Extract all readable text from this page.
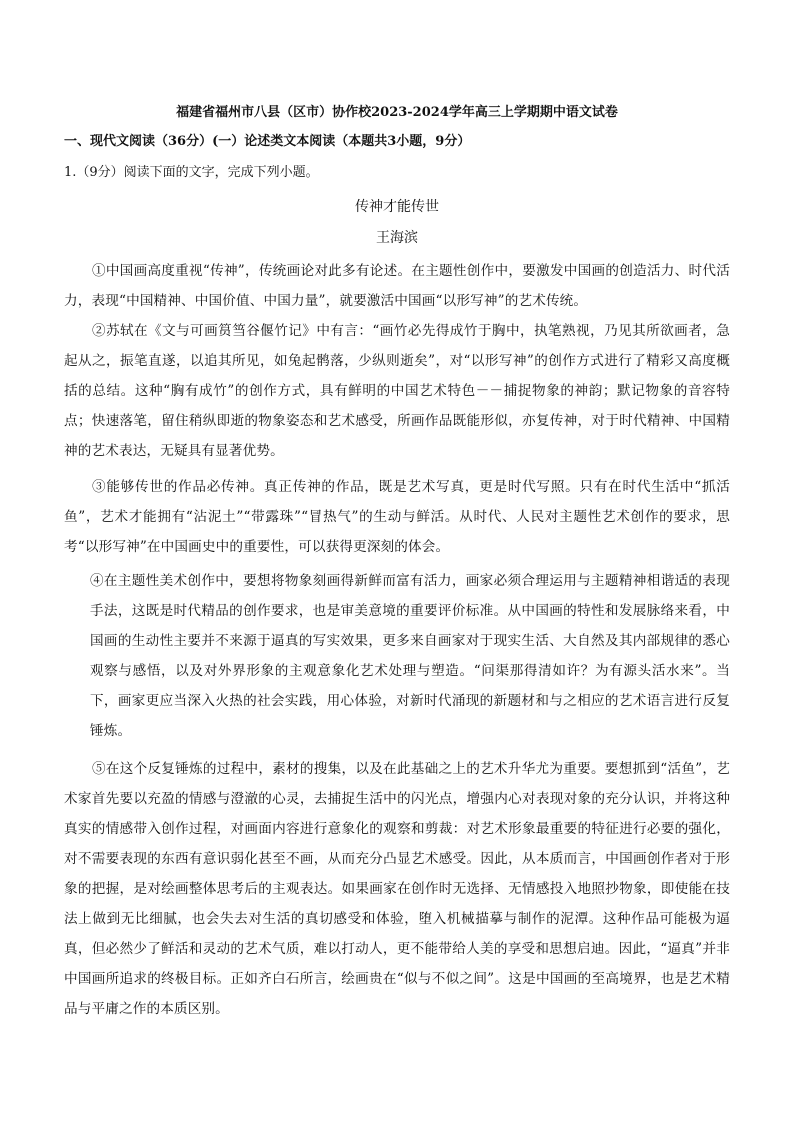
福建省福州市八县（区市）协作校2023-2024学年高三上学期期中语文试卷
一、现代文阅读（36分）(一）论述类文本阅读（本题共3小题，9分）
1.（9分）阅读下面的文字，完成下列小题。
传神才能传世
王海滨

①中国画高度重视“传神”，传统画论对此多有论述。在主题性创作中，要激发中国画的创造活力、时代活力，表现“中国精神、中国价值、中国力量”，就要激活中国画“以形写神”的艺术传统。

②苏轼在《文与可画筼筜谷偃竹记》中有言：“画竹必先得成竹于胸中，执笔熟视，乃见其所欲画者，急起从之，振笔直遂，以追其所见，如兔起鹘落，少纵则逝矣”，对“以形写神”的创作方式进行了精彩又高度概括的总结。这种“胸有成竹”的创作方式，具有鲜明的中国艺术特色－－捕捉物象的神韵；默记物象的音容特点；快速落笔，留住稍纵即逝的物象姿态和艺术感受，所画作品既能形似，亦复传神，对于时代精神、中国精神的艺术表达，无疑具有显著优势。

③能够传世的作品必传神。真正传神的作品，既是艺术写真，更是时代写照。只有在时代生活中“抓活鱼”，艺术才能拥有“沾泥土”“带露珠”“冒热气”的生动与鲜活。从时代、人民对主题性艺术创作的要求，思考“以形写神”在中国画史中的重要性，可以获得更深刻的体会。

④在主题性美术创作中，要想将物象刻画得新鲜而富有活力，画家必须合理运用与主题精神相谐适的表现手法，这既是时代精品的创作要求，也是审美意境的重要评价标准。从中国画的特性和发展脉络来看，中国画的生动性主要并不来源于逼真的写实效果，更多来自画家对于现实生活、大自然及其内部规律的悉心观察与感悟，以及对外界形象的主观意象化艺术处理与塑造。“问渠那得清如许？为有源头活水来”。当下，画家更应当深入火热的社会实践，用心体验，对新时代涌现的新题材和与之相应的艺术语言进行反复锤炼。

⑤在这个反复锤炼的过程中，素材的搜集，以及在此基础之上的艺术升华尤为重要。要想抓到“活鱼”，艺术家首先要以充盈的情感与澄澈的心灵，去捕捉生活中的闪光点，增强内心对表现对象的充分认识，并将这种真实的情感带入创作过程，对画面内容进行意象化的观察和剪裁：对艺术形象最重要的特征进行必要的强化，对不需要表现的东西有意识弱化甚至不画，从而充分凸显艺术感受。因此，从本质而言，中国画创作者对于形象的把握，是对绘画整体思考后的主观表达。如果画家在创作时无选择、无情感投入地照抄物象，即使能在技法上做到无比细腻，也会失去对生活的真切感受和体验，堕入机械描摹与制作的泥潭。这种作品可能极为逼真，但必然少了鲜活和灵动的艺术气质，难以打动人，更不能带给人美的享受和思想启迪。因此，“逼真”并非中国画所追求的终极目标。正如齐白石所言，绘画贵在“似与不似之间”。这是中国画的至高境界，也是艺术精品与平庸之作的本质区别。
